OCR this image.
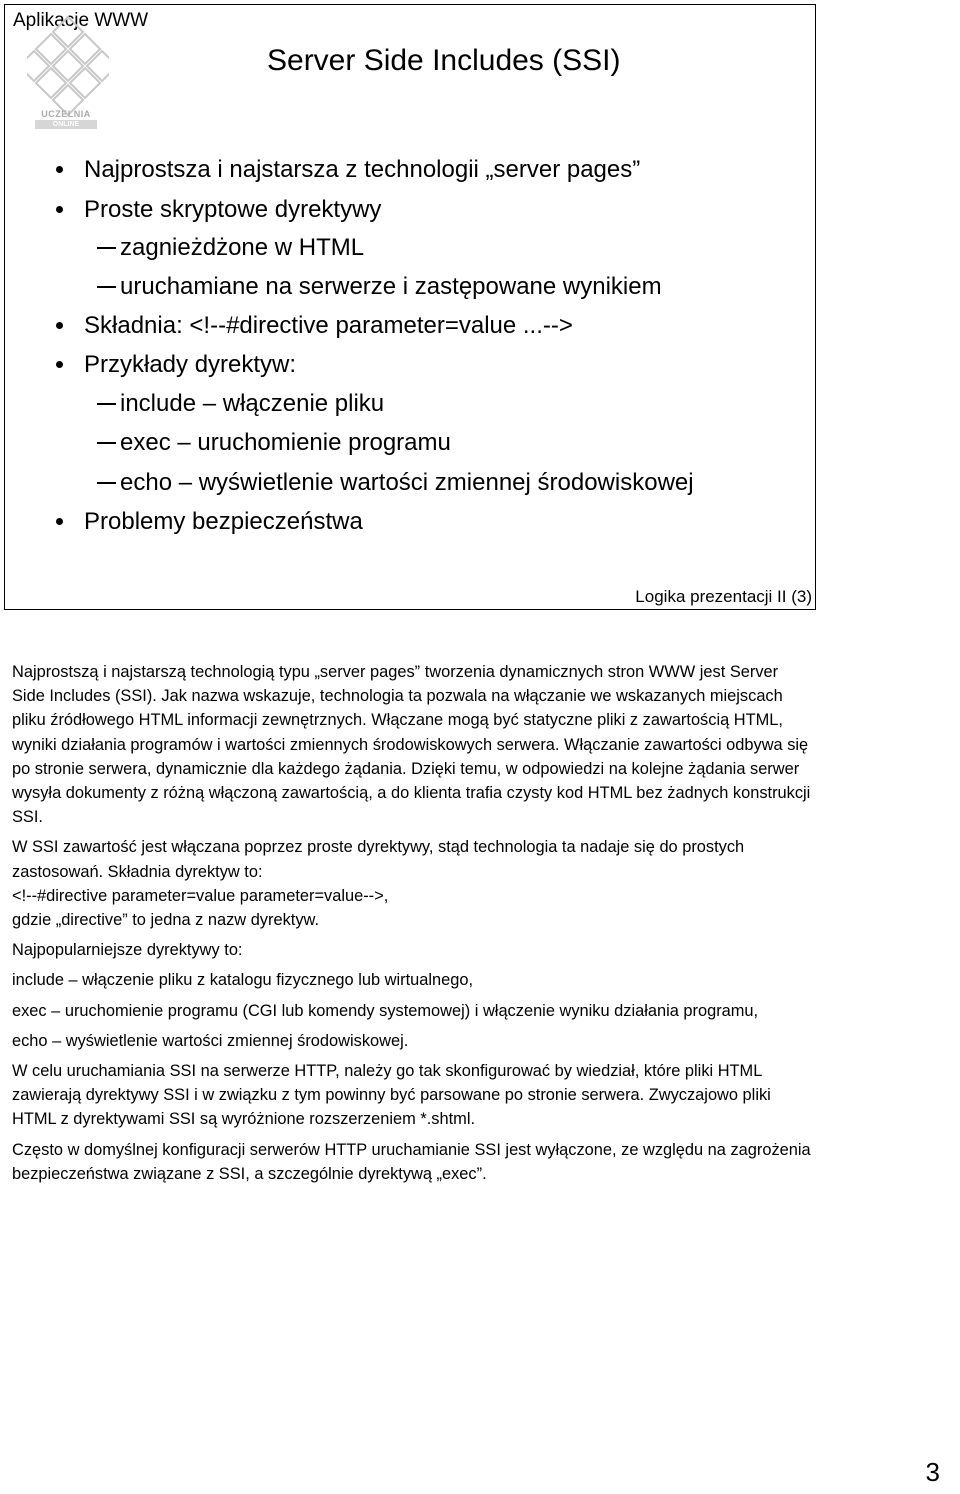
Aplikacje WWW
UCZELNIA
ONLINE
Server Side Includes (SSI)
Najprostsza i najstarsza z technologii „server pages”
Proste skryptowe dyrektywy
zagnieżdżone w HTML
uruchamiane na serwerze i zastępowane wynikiem
Składnia: <!--#directive parameter=value ...-->
Przykłady dyrektyw:
include – włączenie pliku
exec – uruchomienie programu
echo – wyświetlenie wartości zmiennej środowiskowej
Problemy bezpieczeństwa
Logika prezentacji II (3)

Najprostszą i najstarszą technologią typu „server pages” tworzenia dynamicznych stron WWW jest Server Side Includes (SSI). Jak nazwa wskazuje, technologia ta pozwala na włączanie we wskazanych miejscach pliku źródłowego HTML informacji zewnętrznych. Włączane mogą być statyczne pliki z zawartością HTML, wyniki działania programów i wartości zmiennych środowiskowych serwera. Włączanie zawartości odbywa się po stronie serwera, dynamicznie dla każdego żądania. Dzięki temu, w odpowiedzi na kolejne żądania serwer wysyła dokumenty z różną włączoną zawartością, a do klienta trafia czysty kod HTML bez żadnych konstrukcji SSI.

W SSI zawartość jest włączana poprzez proste dyrektywy, stąd technologia ta nadaje się do prostych zastosowań. Składnia dyrektyw to:

<!--#directive parameter=value parameter=value-->,

gdzie „directive” to jedna z nazw dyrektyw.

Najpopularniejsze dyrektywy to:

include – włączenie pliku z katalogu fizycznego lub wirtualnego,

exec – uruchomienie programu (CGI lub komendy systemowej) i włączenie wyniku działania programu,

echo – wyświetlenie wartości zmiennej środowiskowej.

W celu uruchamiania SSI na serwerze HTTP, należy go tak skonfigurować by wiedział, które pliki HTML zawierają dyrektywy SSI i w związku z tym powinny być parsowane po stronie serwera. Zwyczajowo pliki HTML z dyrektywami SSI są wyróżnione rozszerzeniem *.shtml.

Często w domyślnej konfiguracji serwerów HTTP uruchamianie SSI jest wyłączone, ze względu na zagrożenia bezpieczeństwa związane z SSI, a szczególnie dyrektywą „exec”.

3
